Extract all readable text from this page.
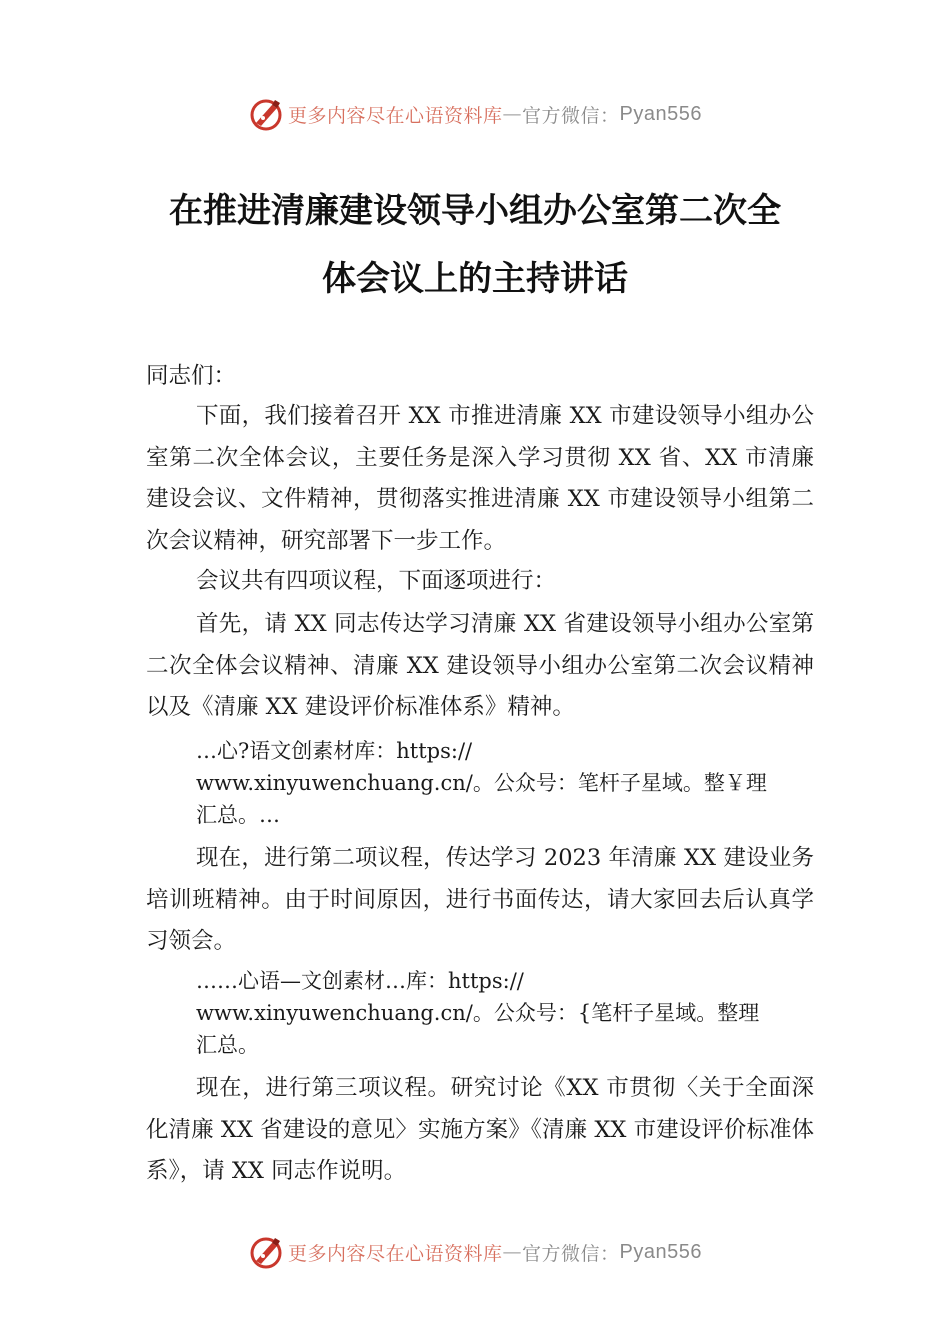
更多内容尽在心语资料库 — 官方微信： Pyan556
在推进清廉建设领导小组办公室第二次全
体会议上的主持讲话

同志们：

下面，我们接着召开 XX 市推进清廉 XX 市建设领导小组办公室第二次全体会议，主要任务是深入学习贯彻 XX 省、XX 市清廉建设会议、文件精神，贯彻落实推进清廉 XX 市建设领导小组第二次会议精神，研究部署下一步工作。

会议共有四项议程，下面逐项进行：

首先，请 XX 同志传达学习清廉 XX 省建设领导小组办公室第二次全体会议精神、清廉 XX 建设领导小组办公室第二次会议精神以及《清廉 XX 建设评价标准体系》精神。

…心?语文创素材库：https://
www.xinyuwenchuang.cn/。公众号：笔杆子星域。整￥理
汇总。…

现在，进行第二项议程，传达学习 2023 年清廉 XX 建设业务培训班精神。由于时间原因，进行书面传达，请大家回去后认真学习领会。

……心语—文创素材…库：https://
www.xinyuwenchuang.cn/。公众号：{笔杆子星域。整理
汇总。

现在，进行第三项议程。研究讨论《XX 市贯彻〈关于全面深化清廉 XX 省建设的意见〉实施方案》《清廉 XX 市建设评价标准体系》，请 XX 同志作说明。

更多内容尽在心语资料库 — 官方微信： Pyan556
